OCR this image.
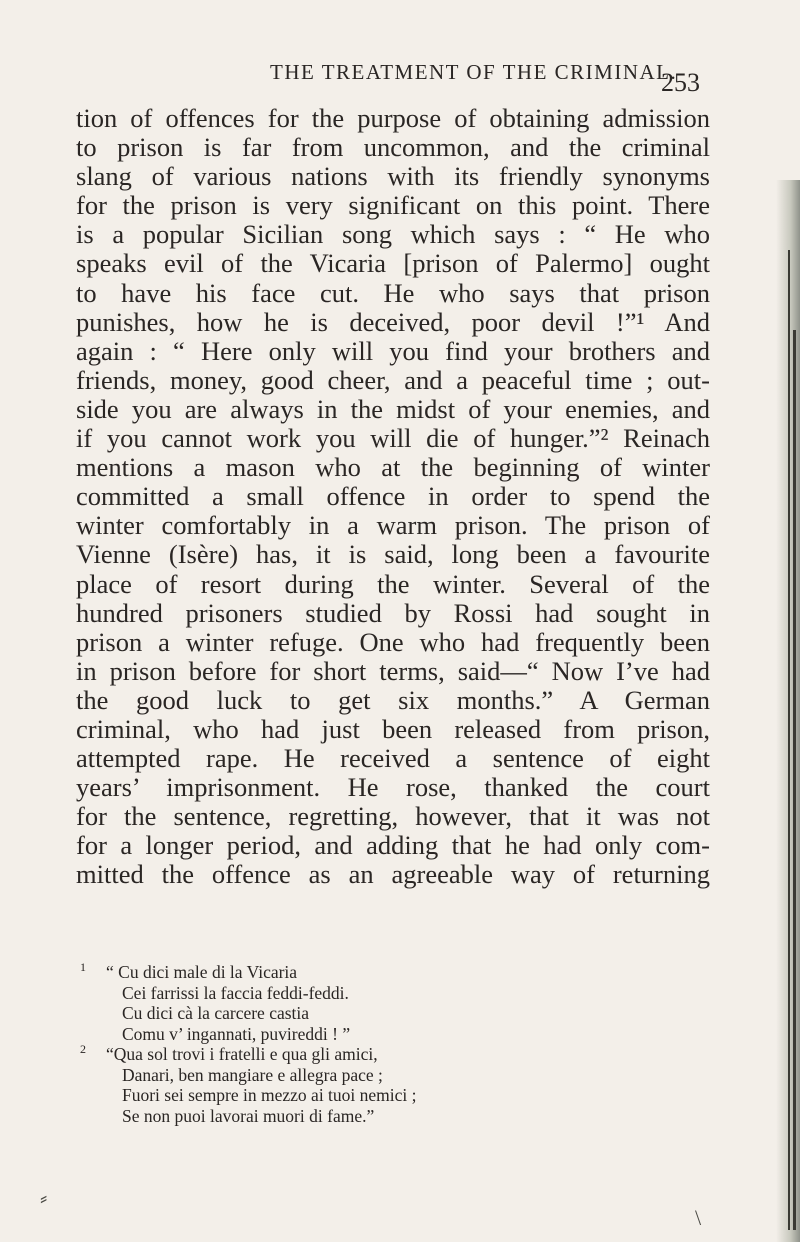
THE TREATMENT OF THE CRIMINAL.
253
tion of offences for the purpose of obtaining admission
to prison is far from uncommon, and the criminal
slang of various nations with its friendly synonyms
for the prison is very significant on this point. There
is a popular Sicilian song which says : “ He who
speaks evil of the Vicaria [prison of Palermo] ought
to have his face cut. He who says that prison
punishes, how he is deceived, poor devil !”¹ And
again : “ Here only will you find your brothers and
friends, money, good cheer, and a peaceful time ; out-
side you are always in the midst of your enemies, and
if you cannot work you will die of hunger.”² Reinach
mentions a mason who at the beginning of winter
committed a small offence in order to spend the
winter comfortably in a warm prison. The prison of
Vienne (Isère) has, it is said, long been a favourite
place of resort during the winter. Several of the
hundred prisoners studied by Rossi had sought in
prison a winter refuge. One who had frequently been
in prison before for short terms, said—“ Now I’ve had
the good luck to get six months.” A German
criminal, who had just been released from prison,
attempted rape. He received a sentence of eight
years’ imprisonment. He rose, thanked the court
for the sentence, regretting, however, that it was not
for a longer period, and adding that he had only com-
mitted the offence as an agreeable way of returning
1 “ Cu dici male di la Vicaria
Cei farrissi la faccia feddi-feddi.
Cu dici cà la carcere castia
Comu v’ ingannati, puvireddi ! ”
2 “Qua sol trovi i fratelli e qua gli amici,
Danari, ben mangiare e allegra pace ;
Fuori sei sempre in mezzo ai tuoi nemici ;
Se non puoi lavorai muori di fame.”
⸗
\
